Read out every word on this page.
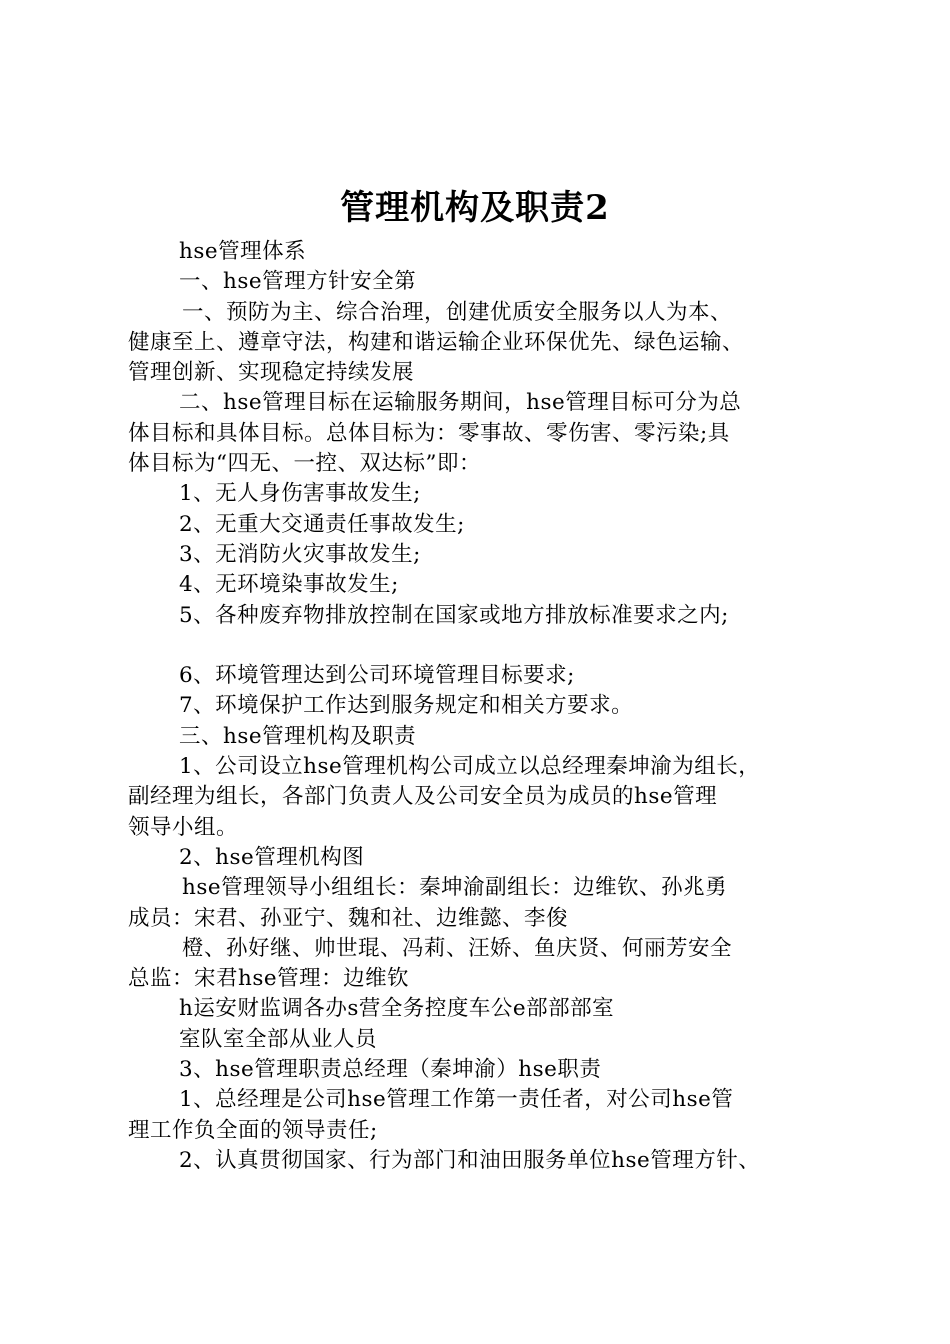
管理机构及职责2
hse管理体系
一、hse管理方针安全第
一、预防为主、综合治理，创建优质安全服务以人为本、
健康至上、遵章守法，构建和谐运输企业环保优先、绿色运输、
管理创新、实现稳定持续发展
二、hse管理目标在运输服务期间，hse管理目标可分为总
体目标和具体目标。总体目标为：零事故、零伤害、零污染;具
体目标为“四无、一控、双达标”即：
1、无人身伤害事故发生;
2、无重大交通责任事故发生;
3、无消防火灾事故发生;
4、无环境染事故发生;
5、各种废弃物排放控制在国家或地方排放标准要求之内;
6、环境管理达到公司环境管理目标要求;
7、环境保护工作达到服务规定和相关方要求。
三、hse管理机构及职责
1、公司设立hse管理机构公司成立以总经理秦坤渝为组长，
副经理为组长，各部门负责人及公司安全员为成员的hse管理
领导小组。
2、hse管理机构图
hse管理领导小组组长：秦坤渝副组长：边维钦、孙兆勇
成员：宋君、孙亚宁、魏和社、边维懿、李俊
橙、孙好继、帅世琨、冯莉、汪娇、鱼庆贤、何丽芳安全
总监：宋君hse管理：边维钦
h运安财监调各办s营全务控度车公e部部部室
室队室全部从业人员
3、hse管理职责总经理（秦坤渝）hse职责
1、总经理是公司hse管理工作第一责任者，对公司hse管
理工作负全面的领导责任;
2、认真贯彻国家、行为部门和油田服务单位hse管理方针、
